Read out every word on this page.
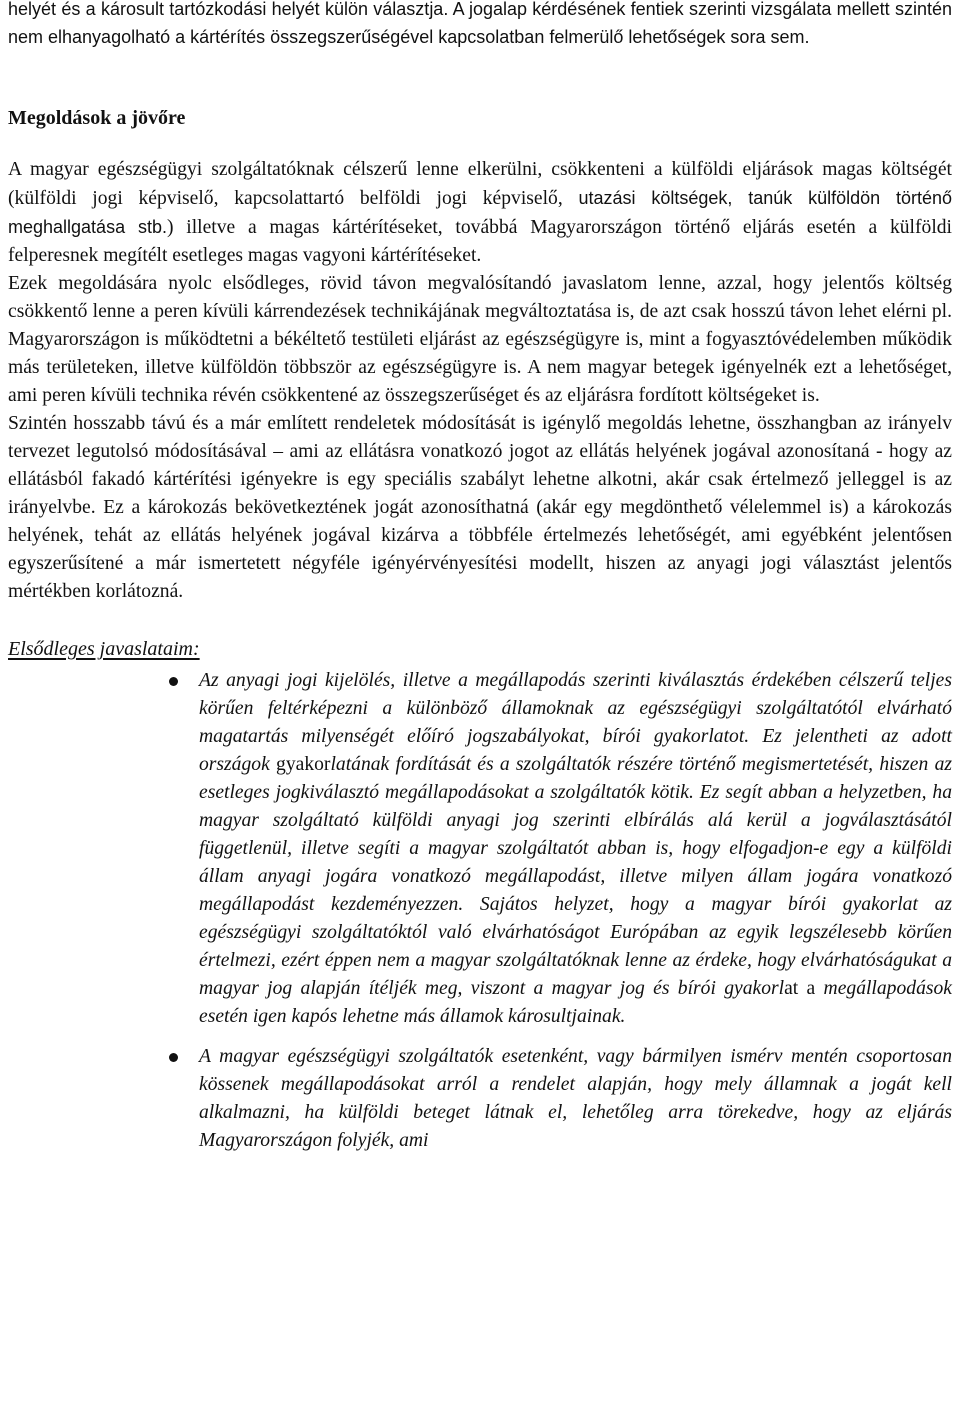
helyét és a károsult tartózkodási helyét külön választja. A jogalap kérdésének fentiek szerinti vizsgálata mellett szintén nem elhanyagolható a kártérítés összegszerűségével kapcsolatban felmerülő lehetőségek sora sem.

Megoldások a jövőre

A magyar egészségügyi szolgáltatóknak célszerű lenne elkerülni, csökkenteni a külföldi eljárások magas költségét (külföldi jogi képviselő, kapcsolattartó belföldi jogi képviselő, utazási költségek, tanúk külföldön történő meghallgatása stb.) illetve a magas kártérítéseket, továbbá Magyarországon történő eljárás esetén a külföldi felperesnek megítélt esetleges magas vagyoni kártérítéseket.

Ezek megoldására nyolc elsődleges, rövid távon megvalósítandó javaslatom lenne, azzal, hogy jelentős költség csökkentő lenne a peren kívüli kárrendezések technikájának megváltoztatása is, de azt csak hosszú távon lehet elérni pl. Magyarországon is működtetni a békéltető testületi eljárást az egészségügyre is, mint a fogyasztóvédelemben működik más területeken, illetve külföldön többször az egészségügyre is. A nem magyar betegek igényelnék ezt a lehetőséget, ami peren kívüli technika révén csökkentené az összegszerűséget és az eljárásra fordított költségeket is.

Szintén hosszabb távú és a már említett rendeletek módosítását is igénylő megoldás lehetne, összhangban az irányelv tervezet legutolsó módosításával – ami az ellátásra vonatkozó jogot az ellátás helyének jogával azonosítaná - hogy az ellátásból fakadó kártérítési igényekre is egy speciális szabályt lehetne alkotni, akár csak értelmező jelleggel is az irányelvbe. Ez a károkozás bekövetkeztének jogát azonosíthatná (akár egy megdönthető vélelemmel is) a károkozás helyének, tehát az ellátás helyének jogával kizárva a többféle értelmezés lehetőségét, ami egyébként jelentősen egyszerűsítené a már ismertetett négyféle igényérvényesítési modellt, hiszen az anyagi jogi választást jelentős mértékben korlátozná.

Elsődleges javaslataim:
Az anyagi jogi kijelölés, illetve a megállapodás szerinti kiválasztás érdekében célszerű teljes körűen feltérképezni a különböző államoknak az egészségügyi szolgáltatótól elvárható magatartás milyenségét előíró jogszabályokat, bírói gyakorlatot. Ez jelentheti az adott országok gyakorlatának fordítását és a szolgáltatók részére történő megismertetését, hiszen az esetleges jogkiválasztó megállapodásokat a szolgáltatók kötik. Ez segít abban a helyzetben, ha magyar szolgáltató külföldi anyagi jog szerinti elbírálás alá kerül a jogválasztásától függetlenül, illetve segíti a magyar szolgáltatót abban is, hogy elfogadjon-e egy a külföldi állam anyagi jogára vonatkozó megállapodást, illetve milyen állam jogára vonatkozó megállapodást kezdeményezzen. Sajátos helyzet, hogy a magyar bírói gyakorlat az egészségügyi szolgáltatóktól való elvárhatóságot Európában az egyik legszélesebb körűen értelmezi, ezért éppen nem a magyar szolgáltatóknak lenne az érdeke, hogy elvárhatóságukat a magyar jog alapján ítéljék meg, viszont a magyar jog és bírói gyakorlat a megállapodások esetén igen kapós lehetne más államok károsultjainak.
A magyar egészségügyi szolgáltatók esetenként, vagy bármilyen ismérv mentén csoportosan kössenek megállapodásokat arról a rendelet alapján, hogy mely államnak a jogát kell alkalmazni, ha külföldi beteget látnak el, lehetőleg arra törekedve, hogy az eljárás Magyarországon folyjék, ami
